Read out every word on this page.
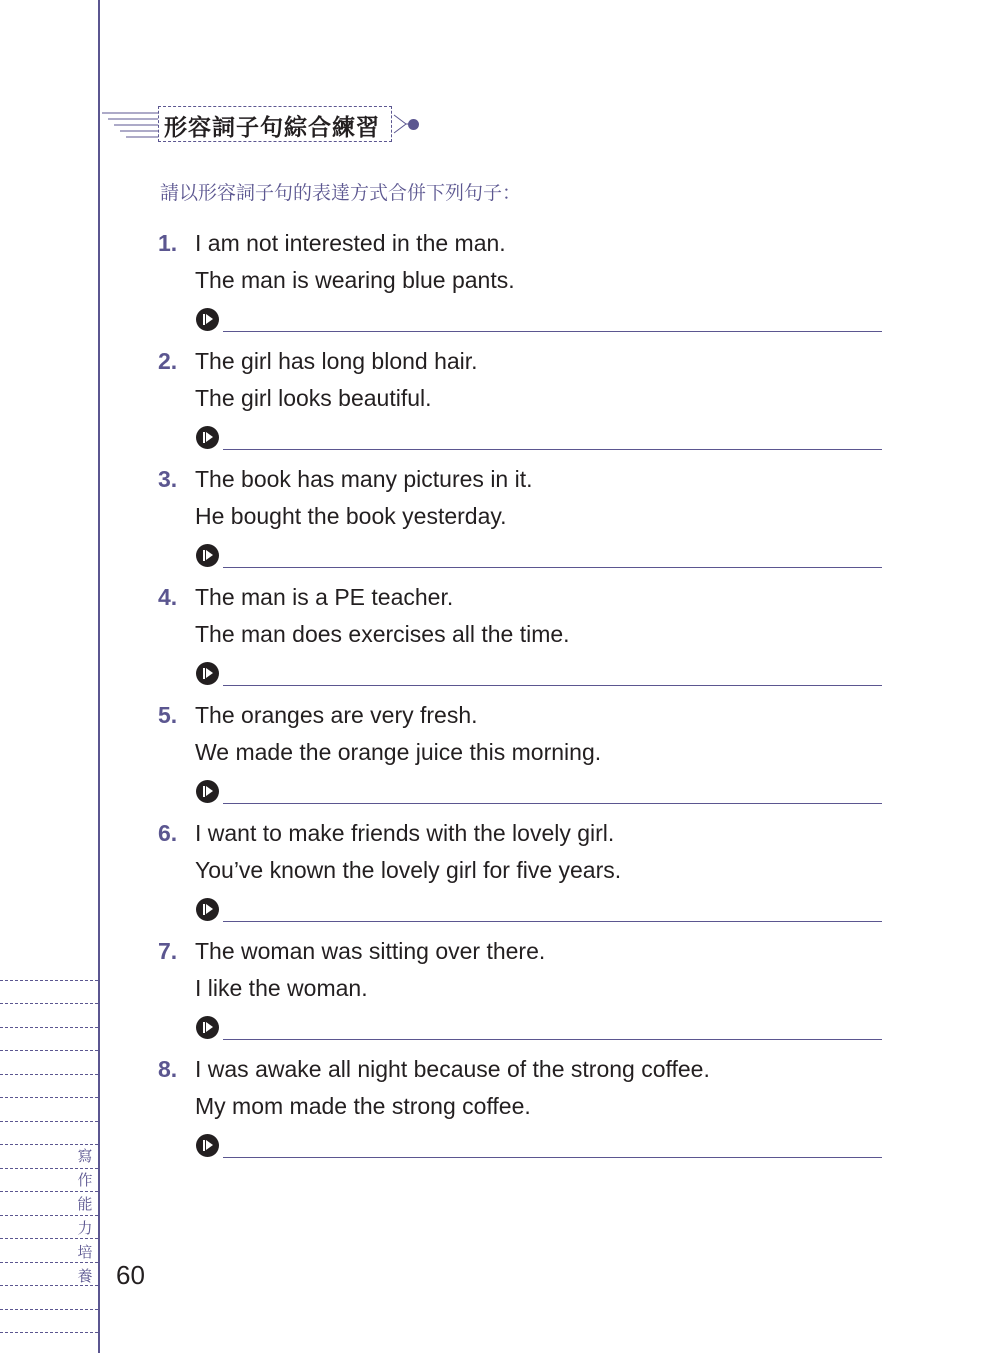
寫
作
能
力
培
養 60
形容詞子句綜合練習
請以形容詞子句的表達方式合併下列句子：
1. I am not interested in the man.
The man is wearing blue pants.
2. The girl has long blond hair.
The girl looks beautiful.
3. The book has many pictures in it.
He bought the book yesterday.
4. The man is a PE teacher.
The man does exercises all the time.
5. The oranges are very fresh.
We made the orange juice this morning.
6. I want to make friends with the lovely girl.
You’ve known the lovely girl for five years.
7. The woman was sitting over there.
I like the woman.
8. I was awake all night because of the strong coffee.
My mom made the strong coffee.
